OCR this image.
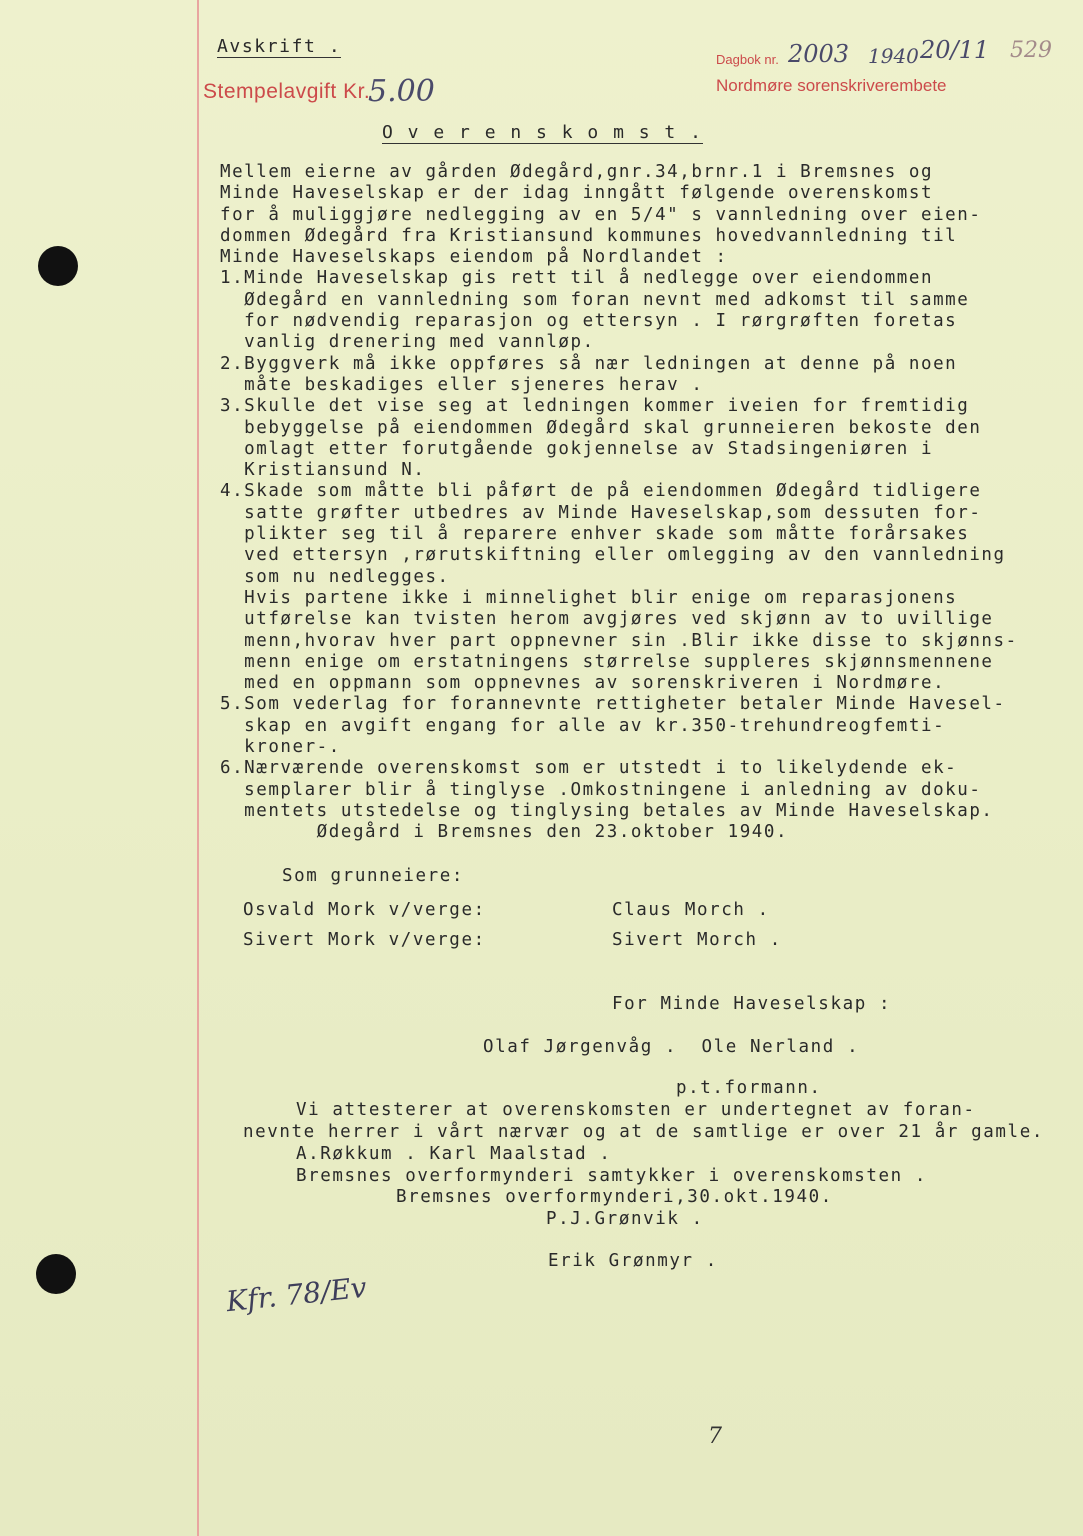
Avskrift .
Stempelavgift Kr.
5.00
Dagbok nr. 2003 1940 20/11 529
Nordmøre sorenskriverembete
O v e r e n s k o m s t .
Mellem eierne av gården Ødegård,gnr.34,brnr.1 i Bremsnes og
Minde Haveselskap er der idag inngått følgende overenskomst
for å muliggjøre nedlegging av en 5/4" s vannledning over eien-
dommen Ødegård fra Kristiansund kommunes hovedvannledning til
Minde Haveselskaps eiendom på Nordlandet :
1.Minde Haveselskap gis rett til å nedlegge over eiendommen
Ødegård en vannledning som foran nevnt med adkomst til samme
for nødvendig reparasjon og ettersyn . I rørgrøften foretas
vanlig drenering med vannløp.
2.Byggverk må ikke oppføres så nær ledningen at denne på noen
måte beskadiges eller sjeneres herav .
3.Skulle det vise seg at ledningen kommer iveien for fremtidig
bebyggelse på eiendommen Ødegård skal grunneieren bekoste den
omlagt etter forutgående gokjennelse av Stadsingeniøren i
Kristiansund N.
4.Skade som måtte bli påført de på eiendommen Ødegård tidligere
satte grøfter utbedres av Minde Haveselskap,som dessuten for-
plikter seg til å reparere enhver skade som måtte forårsakes
ved ettersyn ,rørutskiftning eller omlegging av den vannledning
som nu nedlegges.
Hvis partene ikke i minnelighet blir enige om reparasjonens
utførelse kan tvisten herom avgjøres ved skjønn av to uvillige
menn,hvorav hver part oppnevner sin .Blir ikke disse to skjønns-
menn enige om erstatningens størrelse suppleres skjønnsmennene
med en oppmann som oppnevnes av sorenskriveren i Nordmøre.
5.Som vederlag for forannevnte rettigheter betaler Minde Havesel-
skap en avgift engang for alle av kr.350-trehundreogfemti-
kroner-.
6.Nærværende overenskomst som er utstedt i to likelydende ek-
semplarer blir å tinglyse .Omkostningene i anledning av doku-
mentets utstedelse og tinglysing betales av Minde Haveselskap.
Ødegård i Bremsnes den 23.oktober 1940.
Som grunneiere:
Osvald Mork v/verge:	Claus Morch .
Sivert Mork v/verge:	Sivert Morch .
For Minde Haveselskap :
Olaf Jørgenvåg .  Ole Nerland .
p.t.formann.
Vi attesterer at overenskomsten er undertegnet av foran-
nevnte herrer i vårt nærvær og at de samtlige er over 21 år gamle.
A.Røkkum . Karl Maalstad .
Bremsnes overformynderi samtykker i overenskomsten .
Bremsnes overformynderi,30.okt.1940.
P.J.Grønvik .
Erik Grønmyr .
Kfr. 78/Ev
7
